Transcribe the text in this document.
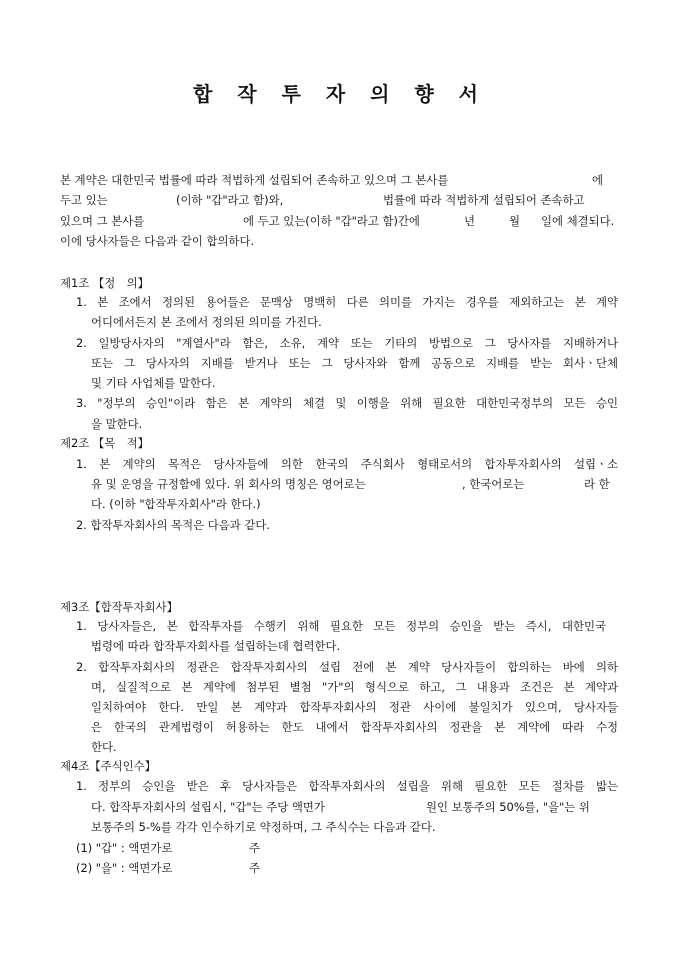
합 작 투 자 의 향 서
본 계약은 대한민국 법률에 따라 적법하게 설립되어 존속하고 있으며 그 본사를	에
두고 있는	(이하 "갑"라고 함)와,	법률에 따라 적법하게 설립되어 존속하고
있으며 그 본사를	에 두고 있는(이하 "갑"라고 함)간에	년	월 일에 체결되다.
이에 당사자들은 다음과 같이 합의하다.
제1조 【정　의】
1. 본 조에서 정의된 용어들은 문맥상 명백히 다른 의미를 가지는 경우를 제외하고는 본 계약
어디에서든지 본 조에서 정의된 의미를 가진다.
2. 일방당사자의 "계열사"라 함은, 소유, 계약 또는 기타의 방법으로 그 당사자를 지배하거나
또는 그 당사자의 지배를 받거나 또는 그 당사자와 함께 공동으로 지배를 받는 회사ㆍ단체
및 기타 사업체를 말한다.
3. "정부의 승인"이라 함은 본 계약의 체결 및 이행을 위해 필요한 대한민국정부의 모든 승인
을 말한다.
제2조 【목　적】
1. 본 계약의 목적은 당사자들에 의한 한국의 주식회사 형태로서의 합자투자회사의 설립ㆍ소
유 및 운영을 규정함에 있다. 위 회사의 명칭은 영어로는	, 한국어로는	라 한
다. (이하 "합작투자회사"라 한다.)
2. 합작투자회사의 목적은 다음과 같다.
제3조【합작투자회사】
1. 당사자들은, 본 합작투자를 수행키 위해 필요한 모든 정부의 승인을 받는 즉시, 대한민국
법령에 따라 합작투자회사를 설립하는데 협력한다.
2. 합작투자회사의 정관은 합작투자회사의 설립 전에 본 계약 당사자들이 합의하는 바에 의하
며, 실질적으로 본 계약에 첨부된 별첨 "가"의 형식으로 하고, 그 내용과 조건은 본 계약과
일치하여야 한다. 만일 본 계약과 합작투자회사의 정관 사이에 불일치가 있으며, 당사자들
은 한국의 관계법령이 허용하는 한도 내에서 합작투자회사의 정관을 본 계약에 따라 수정
한다.
제4조【주식인수】
1. 정부의 승인을 받은 후 당사자들은 합작투자회사의 설립을 위해 필요한 모든 절차를 밟는
다. 합작투자회사의 설립시, "갑"는 주당 액면가	원인 보통주의 50%를, "을"는 위
보통주의 5-%를 각각 인수하기로 약정하며, 그 주식수는 다음과 같다.
(1) "갑" : 액면가로	주
(2) "을" : 액면가로	주
